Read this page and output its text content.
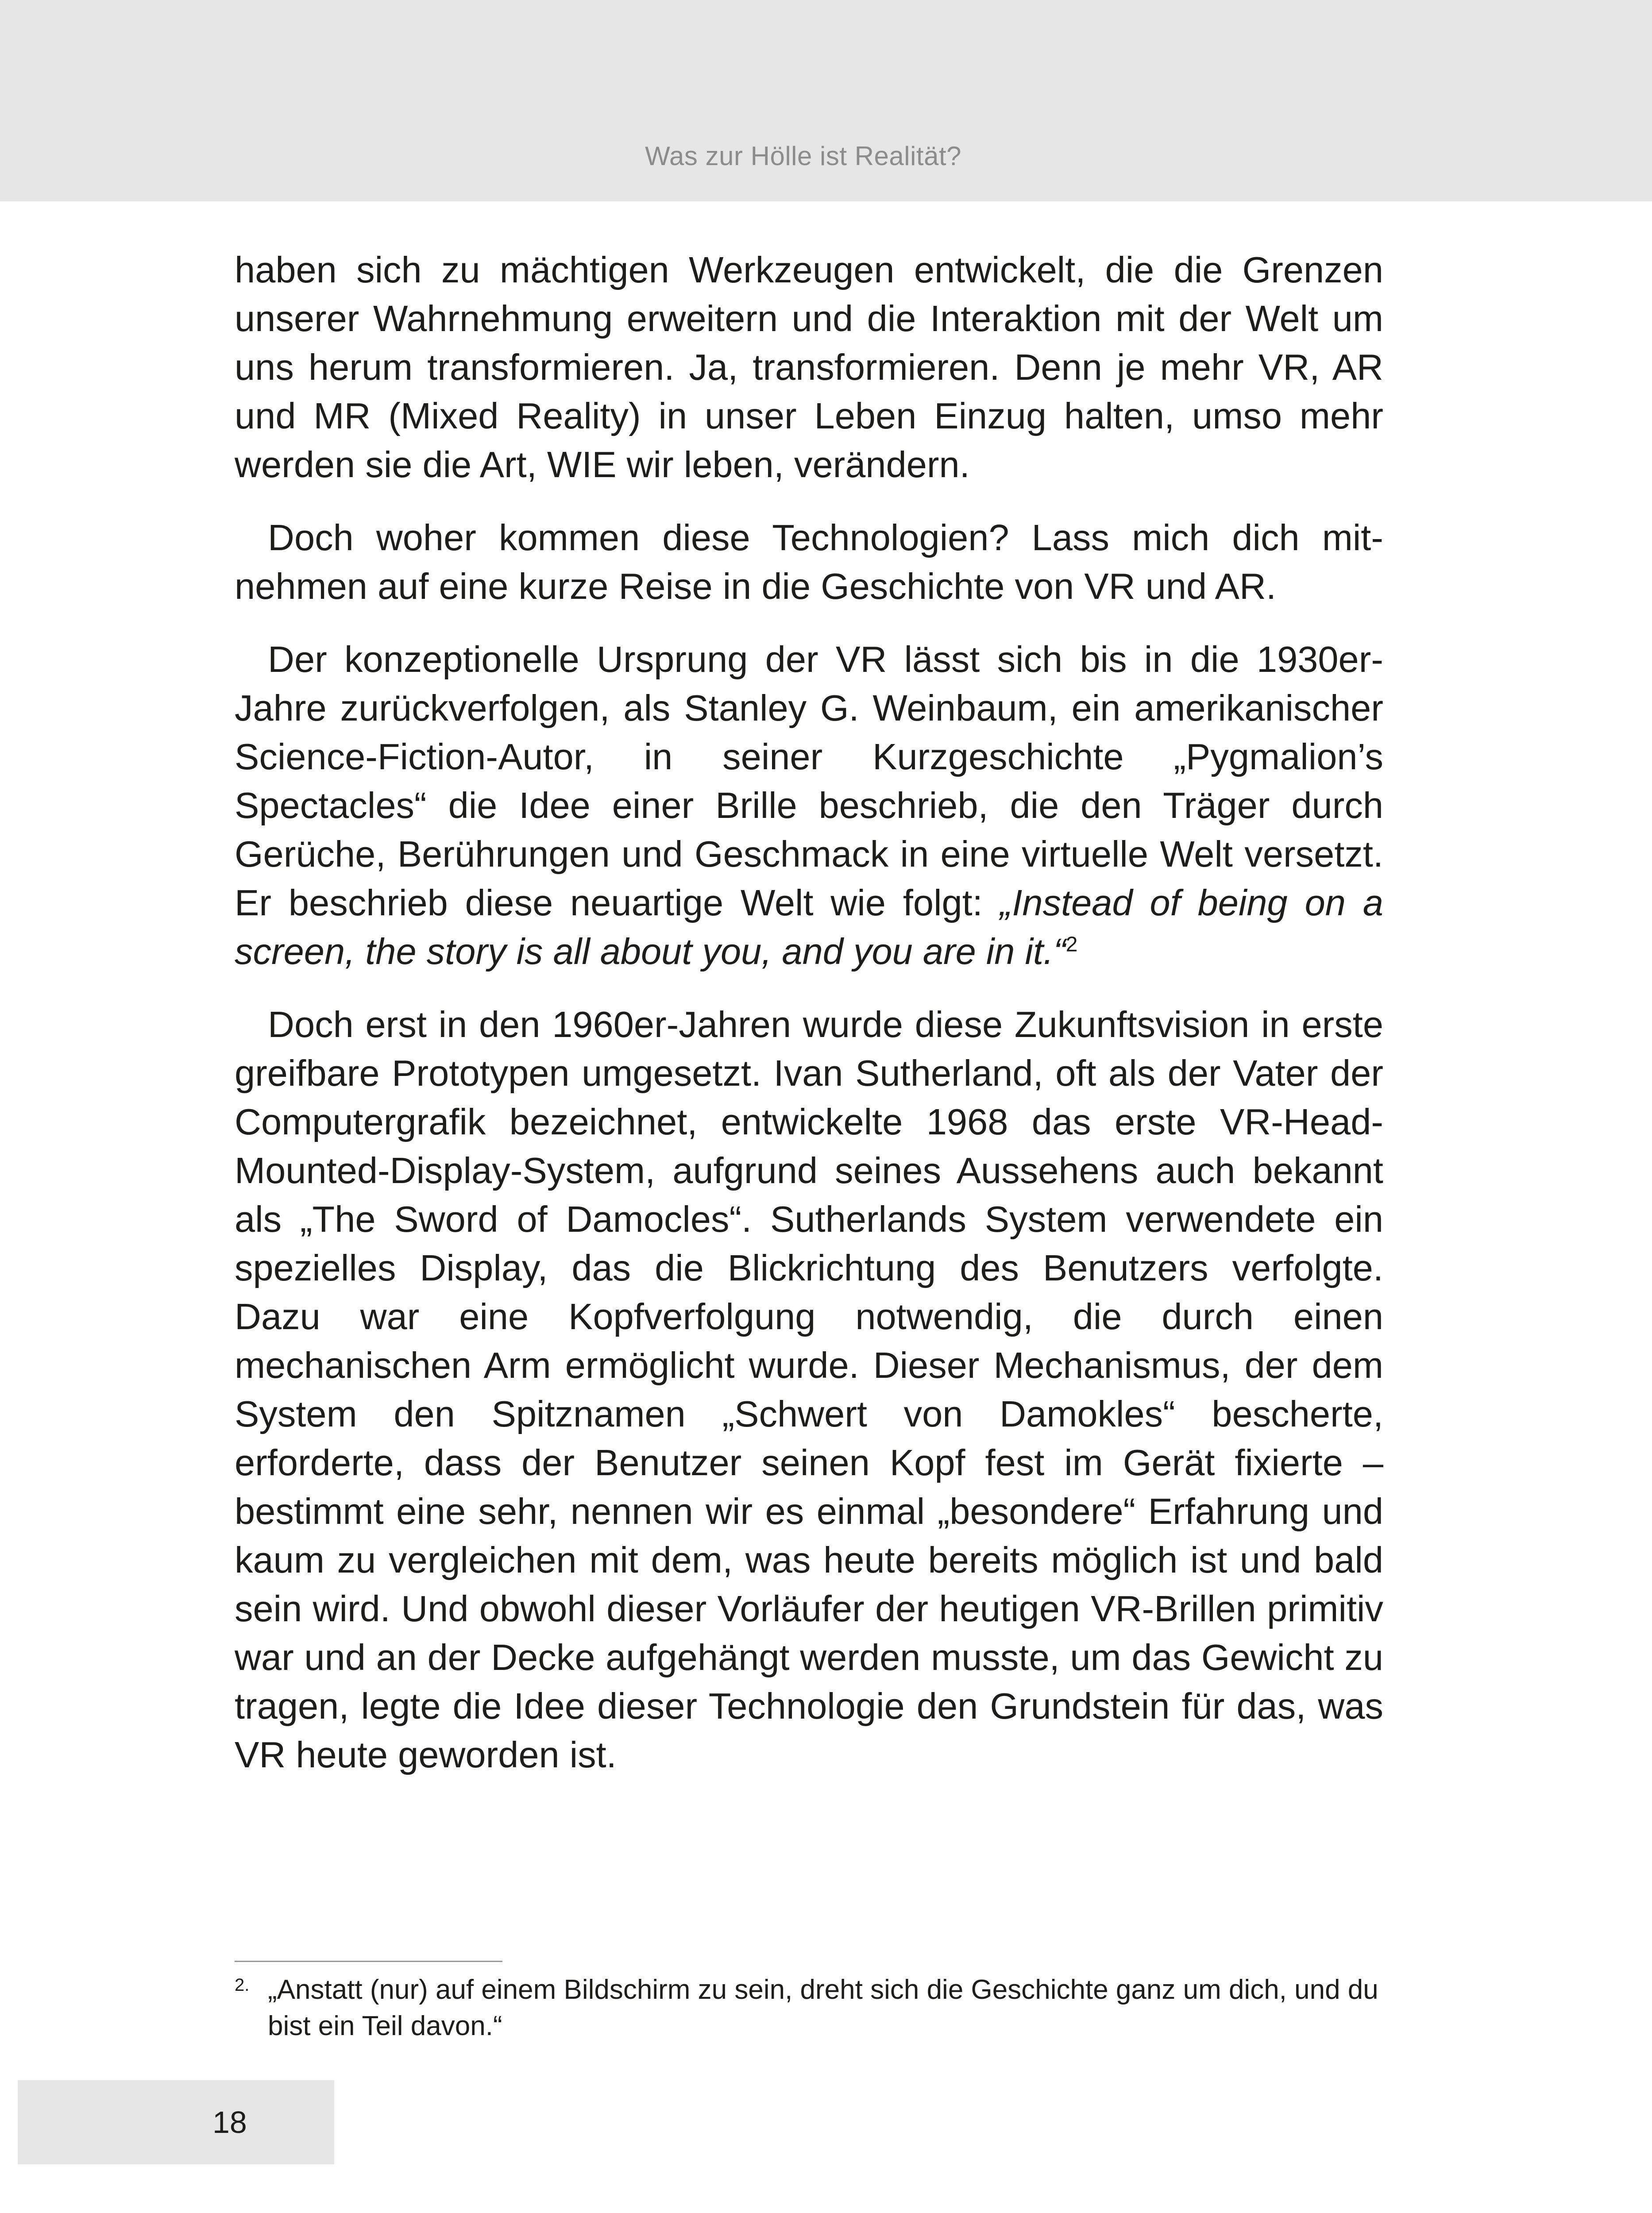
Was zur Hölle ist Realität?

haben sich zu mächtigen Werkzeugen entwickelt, die die Grenzen unserer Wahrnehmung erweitern und die Interaktion mit der Welt um uns herum transformieren. Ja, transformieren. Denn je mehr VR, AR und MR (Mixed Reality) in unser Leben Einzug halten, umso mehr werden sie die Art, WIE wir leben, verändern.

Doch woher kommen diese Technologien? Lass mich dich mitnehmen auf eine kurze Reise in die Geschichte von VR und AR.

Der konzeptionelle Ursprung der VR lässt sich bis in die 1930er-Jahre zurückverfolgen, als Stanley G. Weinbaum, ein amerikanischer Science-Fiction-Autor, in seiner Kurzgeschichte „Pygmalion’s Spectacles“ die Idee einer Brille beschrieb, die den Träger durch Gerüche, Berührungen und Geschmack in eine virtuelle Welt versetzt. Er beschrieb diese neuartige Welt wie folgt: „Instead of being on a screen, the story is all about you, and you are in it.“$^2$

Doch erst in den 1960er-Jahren wurde diese Zukunftsvision in erste greifbare Prototypen umgesetzt. Ivan Sutherland, oft als der Vater der Computergrafik bezeichnet, entwickelte 1968 das erste VR-Head-Mounted-Display-System, aufgrund seines Aussehens auch bekannt als „The Sword of Damocles“. Sutherlands System verwendete ein spezielles Display, das die Blickrichtung des Benutzers verfolgte. Dazu war eine Kopfverfolgung notwendig, die durch einen mechanischen Arm ermöglicht wurde. Dieser Mechanismus, der dem System den Spitznamen „Schwert von Damokles“ bescherte, erforderte, dass der Benutzer seinen Kopf fest im Gerät fixierte – bestimmt eine sehr, nennen wir es einmal „besondere“ Erfahrung und kaum zu vergleichen mit dem, was heute bereits möglich ist und bald sein wird. Und obwohl dieser Vorläufer der heutigen VR-Brillen primitiv war und an der Decke aufgehängt werden musste, um das Gewicht zu tragen, legte die Idee dieser Technologie den Grundstein für das, was VR heute geworden ist.

2. „Anstatt (nur) auf einem Bildschirm zu sein, dreht sich die Geschichte ganz um dich, und du bist ein Teil davon.“
18
